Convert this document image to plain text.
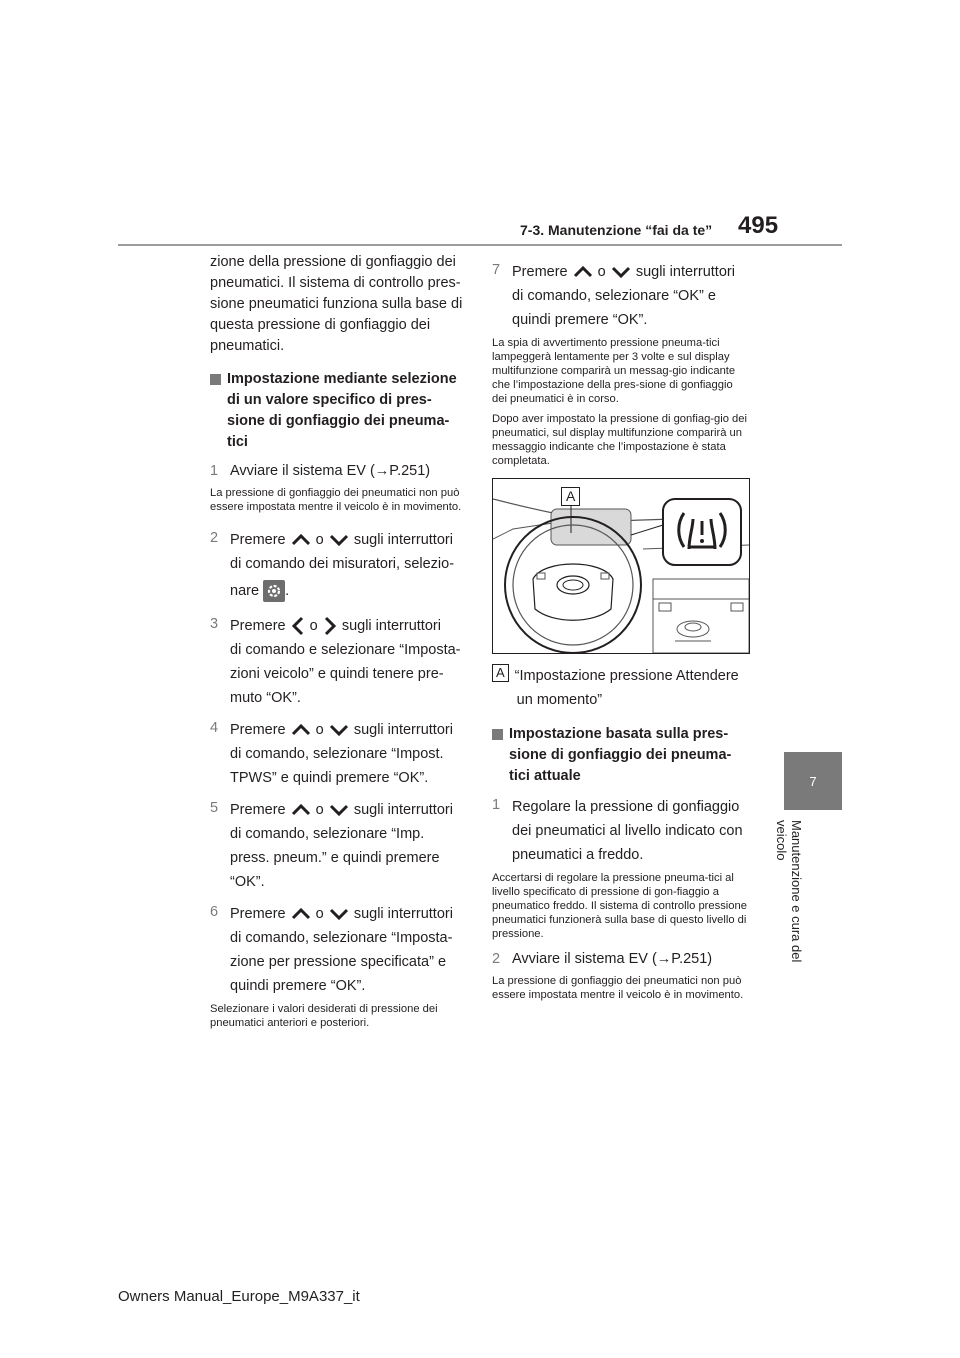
7-3. Manutenzione “fai da te” 495
7
Manutenzione e cura del veicolo

zione della pressione di gonfiaggio dei
pneumatici. Il sistema di controllo pres-
sione pneumatici funziona sulla base di
questa pressione di gonfiaggio dei
pneumatici.

Impostazione mediante selezione
di un valore specifico di pres-
sione di gonfiaggio dei pneuma-
tici
1 Avviare il sistema EV (→P.251)

La pressione di gonfiaggio dei pneumatici non può essere impostata mentre il veicolo è in movimento.

2 Premere o sugli interruttori
di comando dei misuratori, selezio-
nare .
3 Premere o sugli interruttori
di comando e selezionare “Imposta-
zioni veicolo” e quindi tenere pre-
muto “OK”.
4 Premere o sugli interruttori
di comando, selezionare “Impost.
TPWS” e quindi premere “OK”.
5 Premere o sugli interruttori
di comando, selezionare “Imp.
press. pneum.” e quindi premere
“OK”.
6 Premere o sugli interruttori
di comando, selezionare “Imposta-
zione per pressione specificata” e
quindi premere “OK”.

Selezionare i valori desiderati di pressione dei pneumatici anteriori e posteriori.

7 Premere o sugli interruttori
di comando, selezionare “OK” e
quindi premere “OK”.

La spia di avvertimento pressione pneuma-tici lampeggerà lentamente per 3 volte e sul display multifunzione comparirà un messag-gio indicante che l’impostazione della pres-sione di gonfiaggio dei pneumatici è in corso.

Dopo aver impostato la pressione di gonfiag-gio dei pneumatici, sul display multifunzione comparirà un messaggio indicante che l’impostazione è stata completata.

A
A “Impostazione pressione Attendere
un momento”
Impostazione basata sulla pres-
sione di gonfiaggio dei pneuma-
tici attuale
1 Regolare la pressione di gonfiaggio
dei pneumatici al livello indicato con
pneumatici a freddo.

Accertarsi di regolare la pressione pneuma-tici al livello specificato di pressione di gon-fiaggio a pneumatico freddo. Il sistema di controllo pressione pneumatici funzionerà sulla base di questo livello di pressione.

2 Avviare il sistema EV (→P.251)

La pressione di gonfiaggio dei pneumatici non può essere impostata mentre il veicolo è in movimento.

Owners Manual_Europe_M9A337_it
